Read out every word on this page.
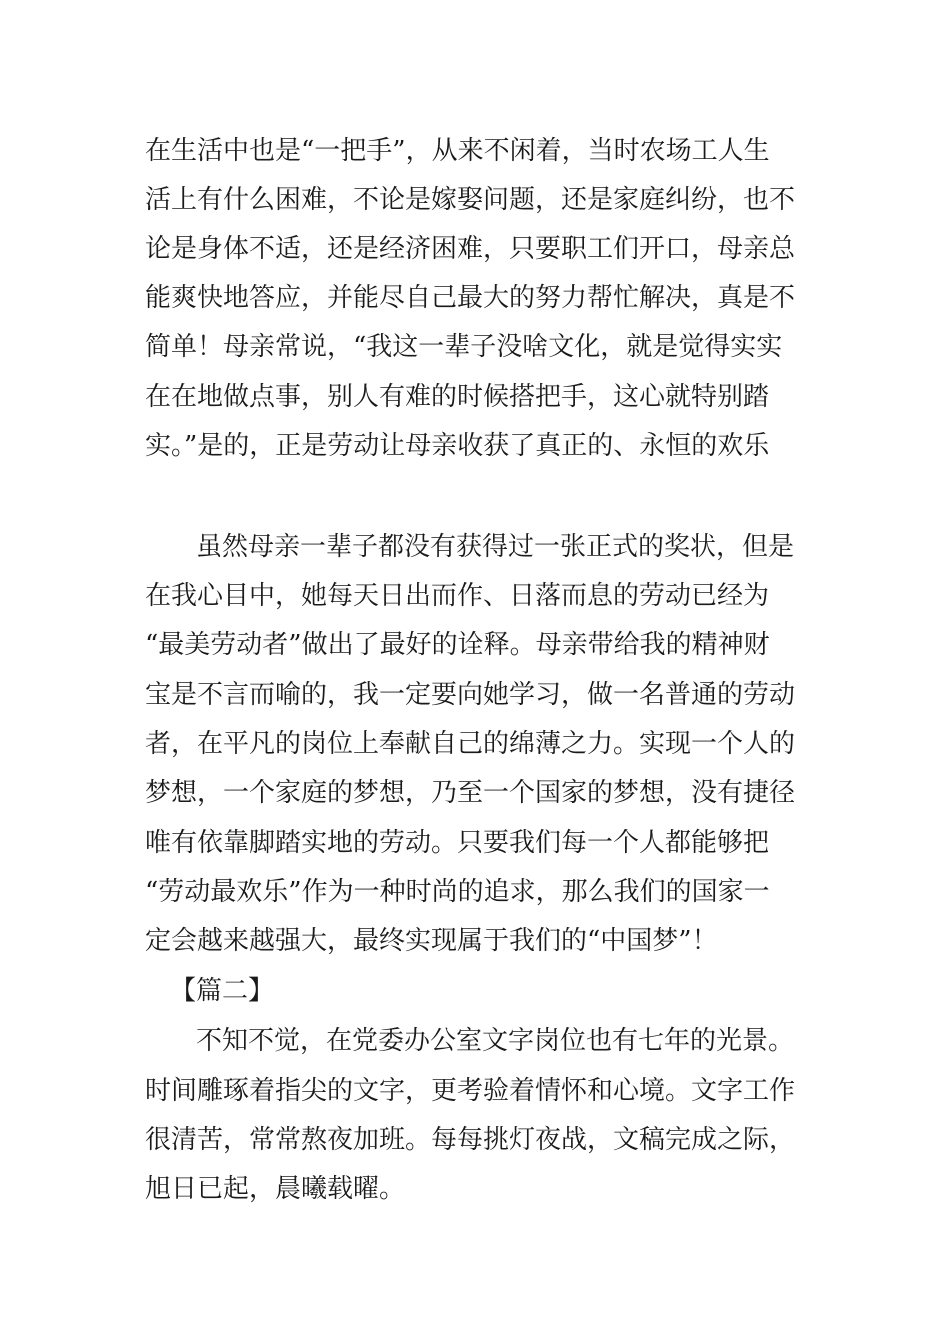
在生活中也是“一把手”，从来不闲着，当时农场工人生
活上有什么困难，不论是嫁娶问题，还是家庭纠纷，也不
论是身体不适，还是经济困难，只要职工们开口，母亲总
能爽快地答应，并能尽自己最大的努力帮忙解决，真是不
简单！母亲常说，“我这一辈子没啥文化，就是觉得实实
在在地做点事，别人有难的时候搭把手，这心就特别踏
实。”是的，正是劳动让母亲收获了真正的、永恒的欢乐
虽然母亲一辈子都没有获得过一张正式的奖状，但是
在我心目中，她每天日出而作、日落而息的劳动已经为
“最美劳动者”做出了最好的诠释。母亲带给我的精神财
宝是不言而喻的，我一定要向她学习，做一名普通的劳动
者，在平凡的岗位上奉献自己的绵薄之力。实现一个人的
梦想，一个家庭的梦想，乃至一个国家的梦想，没有捷径
唯有依靠脚踏实地的劳动。只要我们每一个人都能够把
“劳动最欢乐”作为一种时尚的追求，那么我们的国家一
定会越来越强大，最终实现属于我们的“中国梦”！
【篇二】
不知不觉，在党委办公室文字岗位也有七年的光景。
时间雕琢着指尖的文字，更考验着情怀和心境。文字工作
很清苦，常常熬夜加班。每每挑灯夜战，文稿完成之际，
旭日已起，晨曦载曜。
